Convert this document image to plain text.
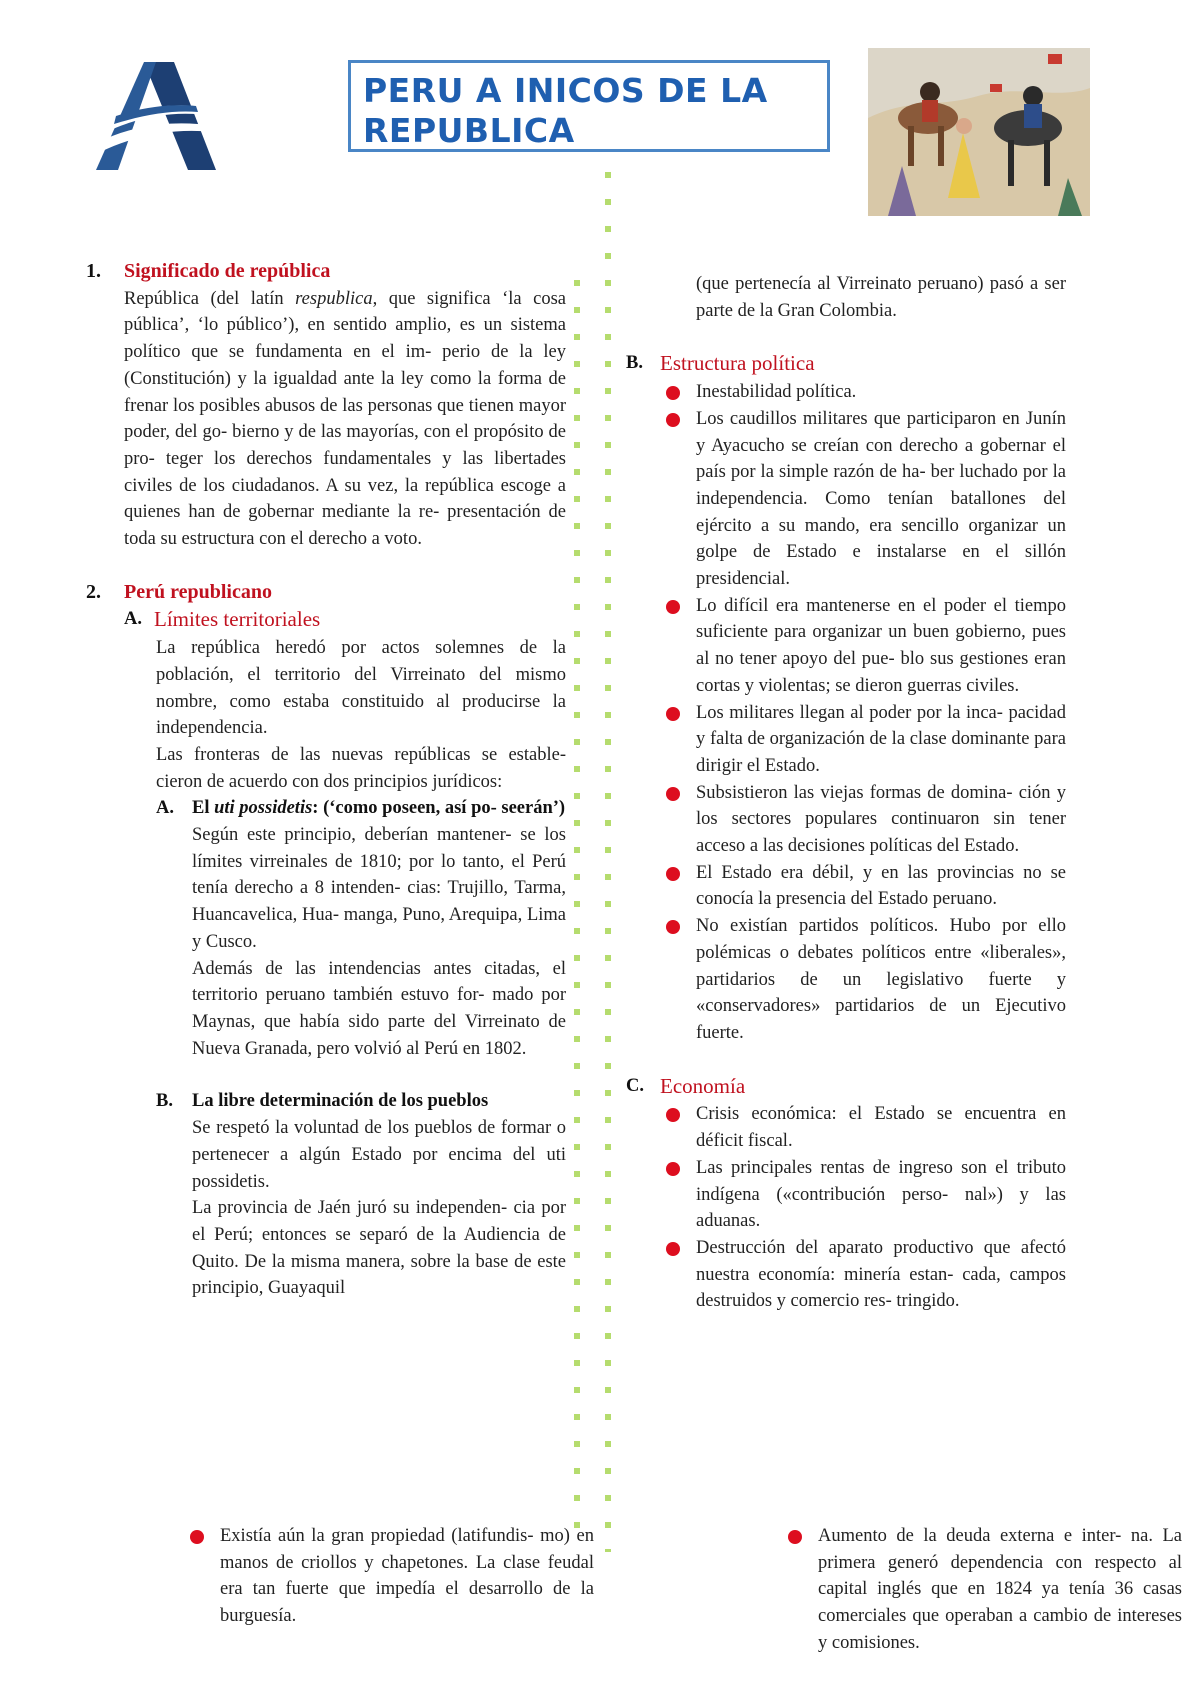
PERU A INICOS DE LA
REPUBLICA
1. Significado de república

República (del latín respublica, que significa ‘la cosa pública’, ‘lo público’), en sentido amplio, es un sistema político que se fundamenta en el im- perio de la ley (Constitución) y la igualdad ante la ley como la forma de frenar los posibles abusos de las personas que tienen mayor poder, del go- bierno y de las mayorías, con el propósito de pro- teger los derechos fundamentales y las libertades civiles de los ciudadanos. A su vez, la república escoge a quienes han de gobernar mediante la re- presentación de toda su estructura con el derecho a voto.

2. Perú republicano
A. Límites territoriales

La república heredó por actos solemnes de la población, el territorio del Virreinato del mismo nombre, como estaba constituido al producirse la independencia.

Las fronteras de las nuevas repúblicas se estable- cieron de acuerdo con dos principios jurídicos:

A. El uti possidetis: (‘como poseen, así po- seerán’)

Según este principio, deberían mantener- se los límites virreinales de 1810; por lo tanto, el Perú tenía derecho a 8 intenden- cias: Trujillo, Tarma, Huancavelica, Hua- manga, Puno, Arequipa, Lima y Cusco.

Además de las intendencias antes citadas, el territorio peruano también estuvo for- mado por Maynas, que había sido parte del Virreinato de Nueva Granada, pero volvió al Perú en 1802.

B. La libre determinación de los pueblos

Se respetó la voluntad de los pueblos de formar o pertenecer a algún Estado por encima del uti possidetis.

La provincia de Jaén juró su independen- cia por el Perú; entonces se separó de la Audiencia de Quito. De la misma manera, sobre la base de este principio, Guayaquil

Existía aún la gran propiedad (latifundis- mo) en manos de criollos y chapetones. La clase feudal era tan fuerte que impedía el desarrollo de la burguesía.

(que pertenecía al Virreinato peruano) pasó a ser parte de la Gran Colombia.

B. Estructura política
Inestabilidad política.
Los caudillos militares que participaron en Junín y Ayacucho se creían con derecho a gobernar el país por la simple razón de ha- ber luchado por la independencia. Como tenían batallones del ejército a su mando, era sencillo organizar un golpe de Estado e instalarse en el sillón presidencial.
Lo difícil era mantenerse en el poder el tiempo suficiente para organizar un buen gobierno, pues al no tener apoyo del pue- blo sus gestiones eran cortas y violentas; se dieron guerras civiles.
Los militares llegan al poder por la inca- pacidad y falta de organización de la clase dominante para dirigir el Estado.
Subsistieron las viejas formas de domina- ción y los sectores populares continuaron sin tener acceso a las decisiones políticas del Estado.
El Estado era débil, y en las provincias no se conocía la presencia del Estado peruano.
No existían partidos políticos. Hubo por ello polémicas o debates políticos entre «liberales», partidarios de un legislativo fuerte y «conservadores» partidarios de un Ejecutivo fuerte.
C. Economía
Crisis económica: el Estado se encuentra en déficit fiscal.
Las principales rentas de ingreso son el tributo indígena («contribución perso- nal») y las aduanas.
Destrucción del aparato productivo que afectó nuestra economía: minería estan- cada, campos destruidos y comercio res- tringido.
Aumento de la deuda externa e inter- na. La primera generó dependencia con respecto al capital inglés que en 1824 ya tenía 36 casas comerciales que operaban a cambio de intereses y comisiones.
